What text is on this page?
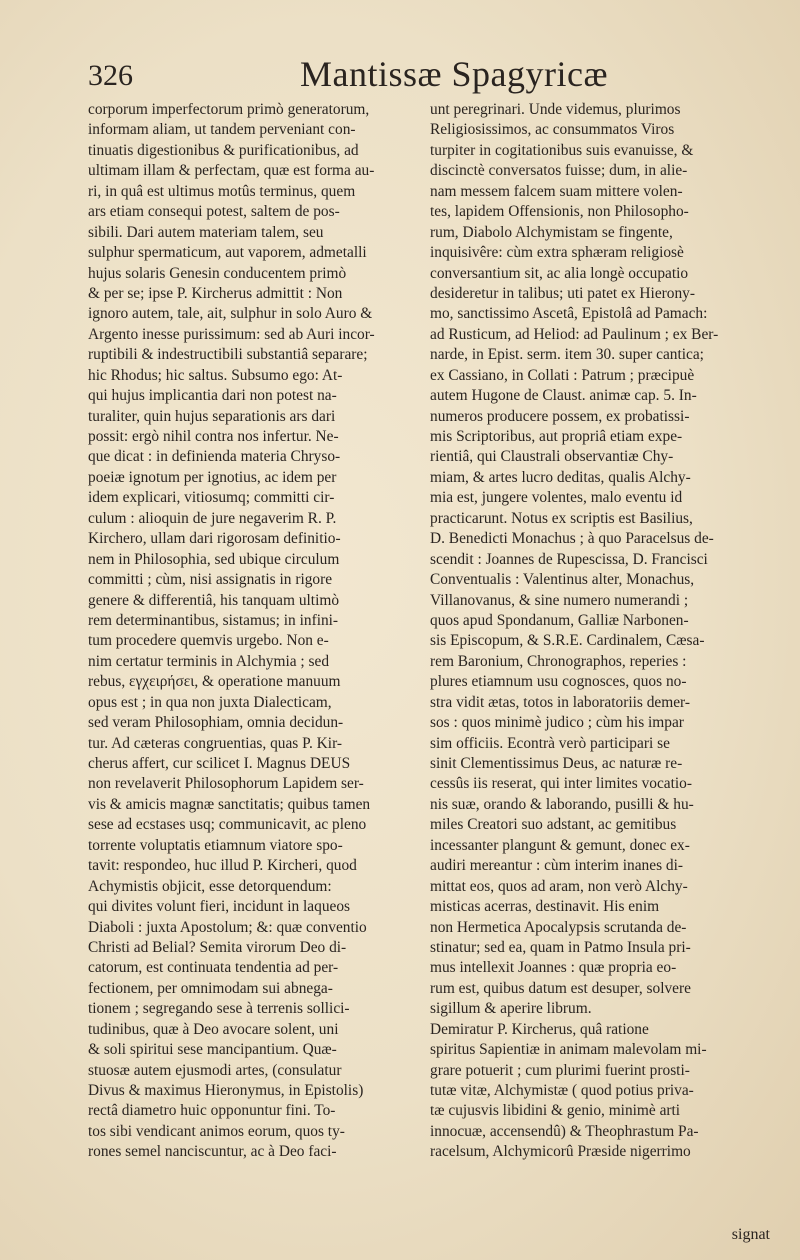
326	Mantissæ Spagyricæ
corporum imperfectorum primò generatorum,
informam aliam, ut tandem perveniant con-
tinuatis digestionibus & purificationibus, ad
ultimam illam & perfectam, quæ est forma au-
ri, in quâ est ultimus motûs terminus, quem
ars etiam consequi potest, saltem de pos-
sibili. Dari autem materiam talem, seu
sulphur spermaticum, aut vaporem, admetalli
hujus solaris Genesin conducentem primò
& per se; ipse P. Kircherus admittit : Non
ignoro autem, tale, ait, sulphur in solo Auro &
Argento inesse purissimum: sed ab Auri incor-
ruptibili & indestructibili substantiâ separare;
hic Rhodus; hic saltus. Subsumo ego: At-
qui hujus implicantia dari non potest na-
turaliter, quin hujus separationis ars dari
possit: ergò nihil contra nos infertur. Ne-
que dicat : in definienda materia Chryso-
poeiæ ignotum per ignotius, ac idem per
idem explicari, vitiosumq; committi cir-
culum : alioquin de jure negaverim R. P.
Kirchero, ullam dari rigorosam definitio-
nem in Philosophia, sed ubique circulum
committi ; cùm, nisi assignatis in rigore
genere & differentiâ, his tanquam ultimò
rem determinantibus, sistamus; in infini-
tum procedere quemvis urgebo. Non e-
nim certatur terminis in Alchymia ; sed
rebus, εγχειρήσει, & operatione manuum
opus est ; in qua non juxta Dialecticam,
sed veram Philosophiam, omnia decidun-
tur. Ad cæteras congruentias, quas P. Kir-
cherus affert, cur scilicet I. Magnus DEUS
non revelaverit Philosophorum Lapidem ser-
vis & amicis magnæ sanctitatis; quibus tamen
sese ad ecstases usq; communicavit, ac pleno
torrente voluptatis etiamnum viatore spo-
tavit: respondeo, huc illud P. Kircheri, quod
Achymistis objicit, esse detorquendum:
qui divites volunt fieri, incidunt in laqueos
Diaboli : juxta Apostolum; &: quæ conventio
Christi ad Belial? Semita virorum Deo di-
catorum, est continuata tendentia ad per-
fectionem, per omnimodam sui abnega-
tionem ; segregando sese à terrenis sollici-
tudinibus, quæ à Deo avocare solent, uni
& soli spiritui sese mancipantium. Quæ-
stuosæ autem ejusmodi artes, (consulatur
Divus & maximus Hieronymus, in Epistolis)
rectâ diametro huic opponuntur fini. To-
tos sibi vendicant animos eorum, quos ty-
rones semel nanciscuntur, ac à Deo faci-
unt peregrinari. Unde videmus, plurimos
Religiosissimos, ac consummatos Viros
turpiter in cogitationibus suis evanuisse, &
discinctè conversatos fuisse; dum, in alie-
nam messem falcem suam mittere volen-
tes, lapidem Offensionis, non Philosopho-
rum, Diabolo Alchymistam se fingente,
inquisivêre: cùm extra sphæram religiosè
conversantium sit, ac alia longè occupatio
desideretur in talibus; uti patet ex Hierony-
mo, sanctissimo Ascetâ, Epistolâ ad Pamach:
ad Rusticum, ad Heliod: ad Paulinum ; ex Ber-
narde, in Epist. serm. item 30. super cantica;
ex Cassiano, in Collati : Patrum ; præcipuè
autem Hugone de Claust. animæ cap. 5. In-
numeros producere possem, ex probatissi-
mis Scriptoribus, aut propriâ etiam expe-
rientiâ, qui Claustrali observantiæ Chy-
miam, & artes lucro deditas, qualis Alchy-
mia est, jungere volentes, malo eventu id
practicarunt. Notus ex scriptis est Basilius,
D. Benedicti Monachus ; à quo Paracelsus de-
scendit : Joannes de Rupescissa, D. Francisci
Conventualis : Valentinus alter, Monachus,
Villanovanus, & sine numero numerandi ;
quos apud Spondanum, Galliæ Narbonen-
sis Episcopum, & S.R.E. Cardinalem, Cæsa-
rem Baronium, Chronographos, reperies :
plures etiamnum usu cognosces, quos no-
stra vidit ætas, totos in laboratoriis demer-
sos : quos minimè judico ; cùm his impar
sim officiis. Econtrà verò participari se
sinit Clementissimus Deus, ac naturæ re-
cessûs iis reserat, qui inter limites vocatio-
nis suæ, orando & laborando, pusilli & hu-
miles Creatori suo adstant, ac gemitibus
incessanter plangunt & gemunt, donec ex-
audiri mereantur : cùm interim inanes di-
mittat eos, quos ad aram, non verò Alchy-
misticas acerras, destinavit. His enim
non Hermetica Apocalypsis scrutanda de-
stinatur; sed ea, quam in Patmo Insula pri-
mus intellexit Joannes : quæ propria eo-
rum est, quibus datum est desuper, solvere
sigillum & aperire librum.
Demiratur P. Kircherus, quâ ratione
spiritus Sapientiæ in animam malevolam mi-
grare potuerit ; cum plurimi fuerint prosti-
tutæ vitæ, Alchymistæ ( quod potius priva-
tæ cujusvis libidini & genio, minimè arti
innocuæ, accensendû) & Theophrastum Pa-
racelsum, Alchymicorû Præside nigerrimo
signat
